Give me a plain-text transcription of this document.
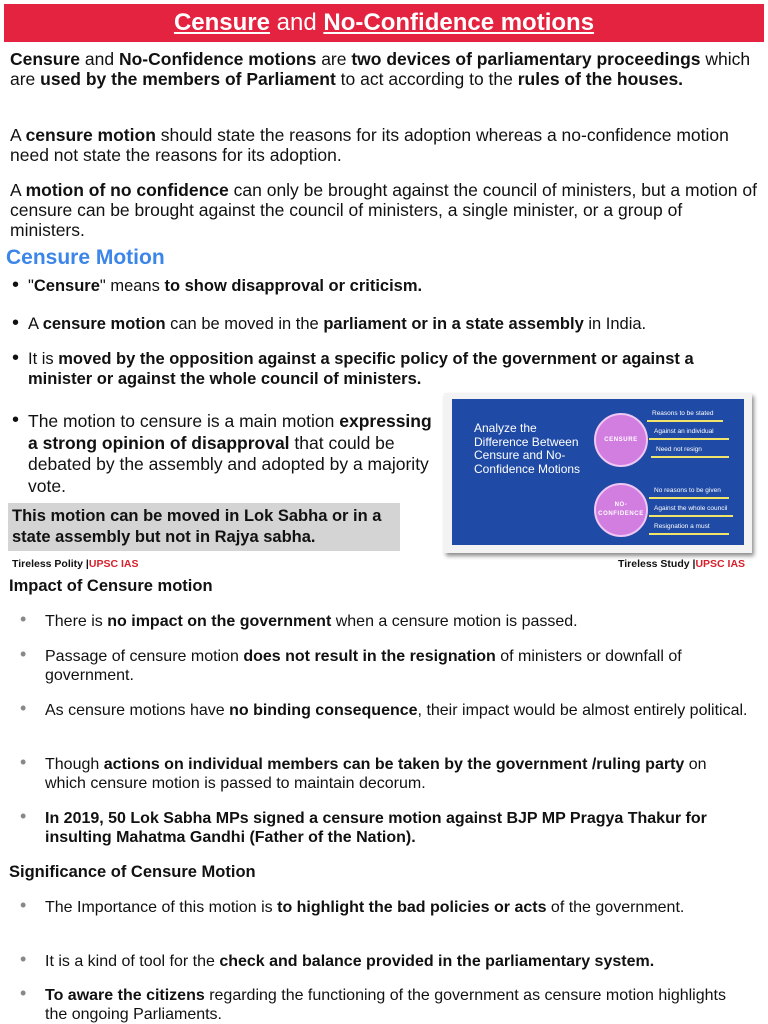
Censure and No-Confidence motions

Censure and No-Confidence motions are two devices of parliamentary proceedings which are used by the members of Parliament to act according to the rules of the houses.

A censure motion should state the reasons for its adoption whereas a no-confidence motion need not state the reasons for its adoption.

A motion of no confidence can only be brought against the council of ministers, but a motion of censure can be brought against the council of ministers, a single minister, or a group of ministers.

Censure Motion
• "Censure" means to show disapproval or criticism.
• A censure motion can be moved in the parliament or in a state assembly in India.
• It is moved by the opposition against a specific policy of the government or against a minister or against the whole council of ministers.
• The motion to censure is a main motion expressing a strong opinion of disapproval that could be debated by the assembly and adopted by a majority vote.
This motion can be moved in Lok Sabha or in a state assembly but not in Rajya sabha.
Tireless Polity |UPSC IAS	Tireless Study |UPSC IAS
Analyze the Difference Between Censure and No-Confidence Motions
CENSURE
Reasons to be stated
Against an individual
Need not resign
NO-CONFIDENCE
No reasons to be given
Against the whole council
Resignation a must
Impact of Censure motion
• There is no impact on the government when a censure motion is passed.
• Passage of censure motion does not result in the resignation of ministers or downfall of government.
• As censure motions have no binding consequence, their impact would be almost entirely political.
• Though actions on individual members can be taken by the government /ruling party on which censure motion is passed to maintain decorum.
• In 2019, 50 Lok Sabha MPs signed a censure motion against BJP MP Pragya Thakur for insulting Mahatma Gandhi (Father of the Nation).
Significance of Censure Motion
• The Importance of this motion is to highlight the bad policies or acts of the government.
• It is a kind of tool for the check and balance provided in the parliamentary system.
• To aware the citizens regarding the functioning of the government as censure motion highlights the ongoing Parliaments.
